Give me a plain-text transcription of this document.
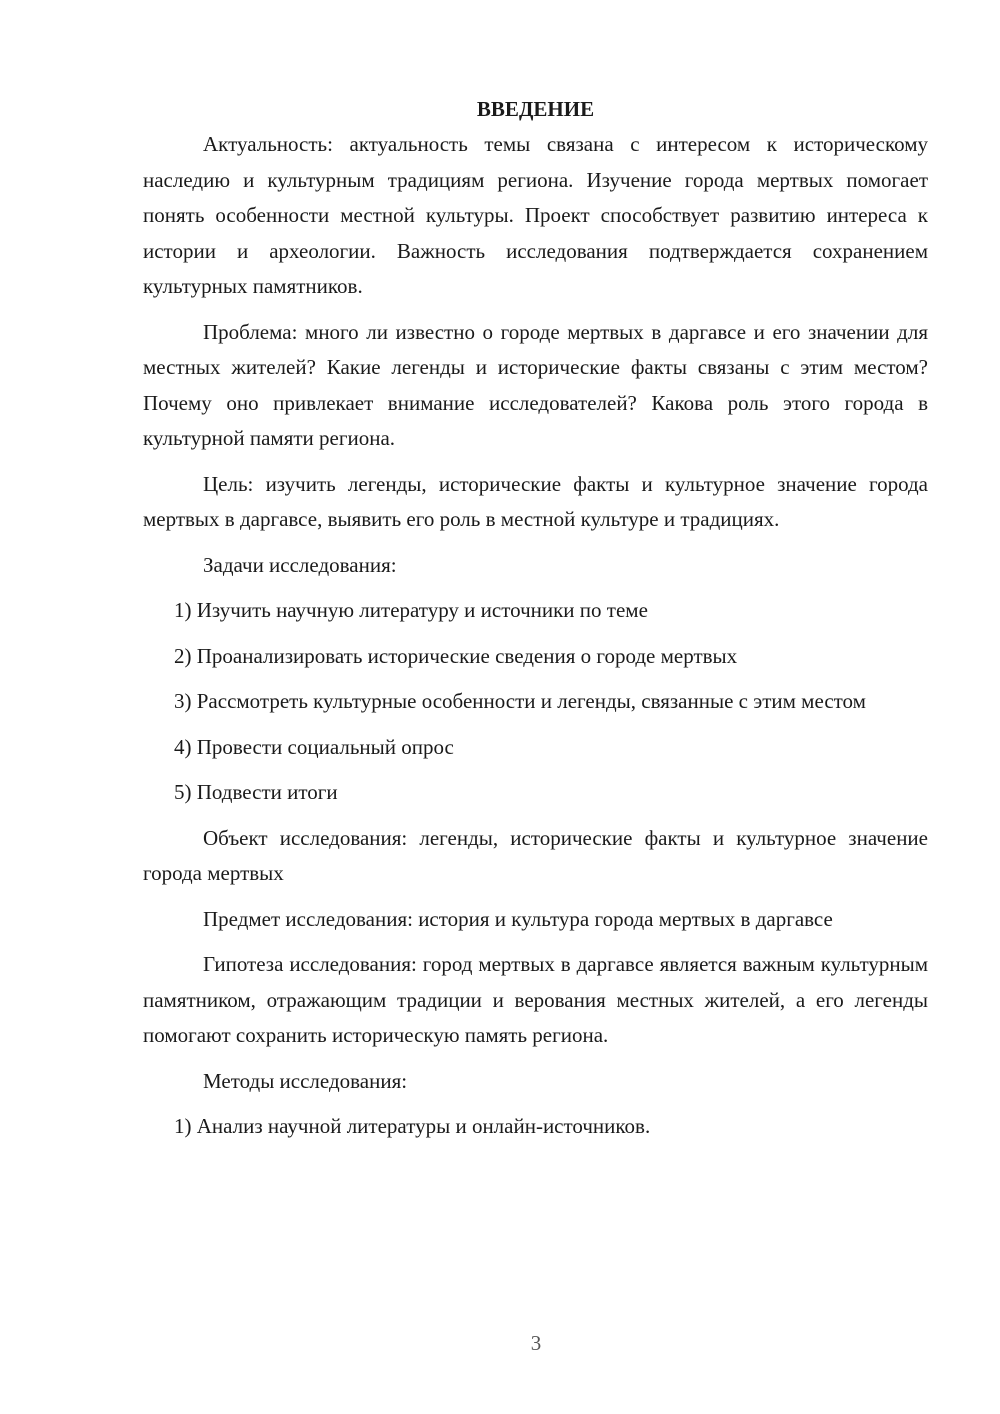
ВВЕДЕНИЕ

Актуальность: актуальность темы связана с интересом к историческому наследию и культурным традициям региона. Изучение города мертвых помогает понять особенности местной культуры. Проект способствует развитию интереса к истории и археологии. Важность исследования подтверждается сохранением культурных памятников.

Проблема: много ли известно о городе мертвых в даргавсе и его значении для местных жителей? Какие легенды и исторические факты связаны с этим местом? Почему оно привлекает внимание исследователей? Какова роль этого города в культурной памяти региона.

Цель: изучить легенды, исторические факты и культурное значение города мертвых в даргавсе, выявить его роль в местной культуре и традициях.

Задачи исследования:

1) Изучить научную литературу и источники по теме

2) Проанализировать исторические сведения о городе мертвых

3) Рассмотреть культурные особенности и легенды, связанные с этим местом

4) Провести социальный опрос

5) Подвести итоги

Объект исследования: легенды, исторические факты и культурное значение города мертвых

Предмет исследования: история и культура города мертвых в даргавсе

Гипотеза исследования: город мертвых в даргавсе является важным культурным памятником, отражающим традиции и верования местных жителей, а его легенды помогают сохранить историческую память региона.

Методы исследования:

1) Анализ научной литературы и онлайн-источников.

3
